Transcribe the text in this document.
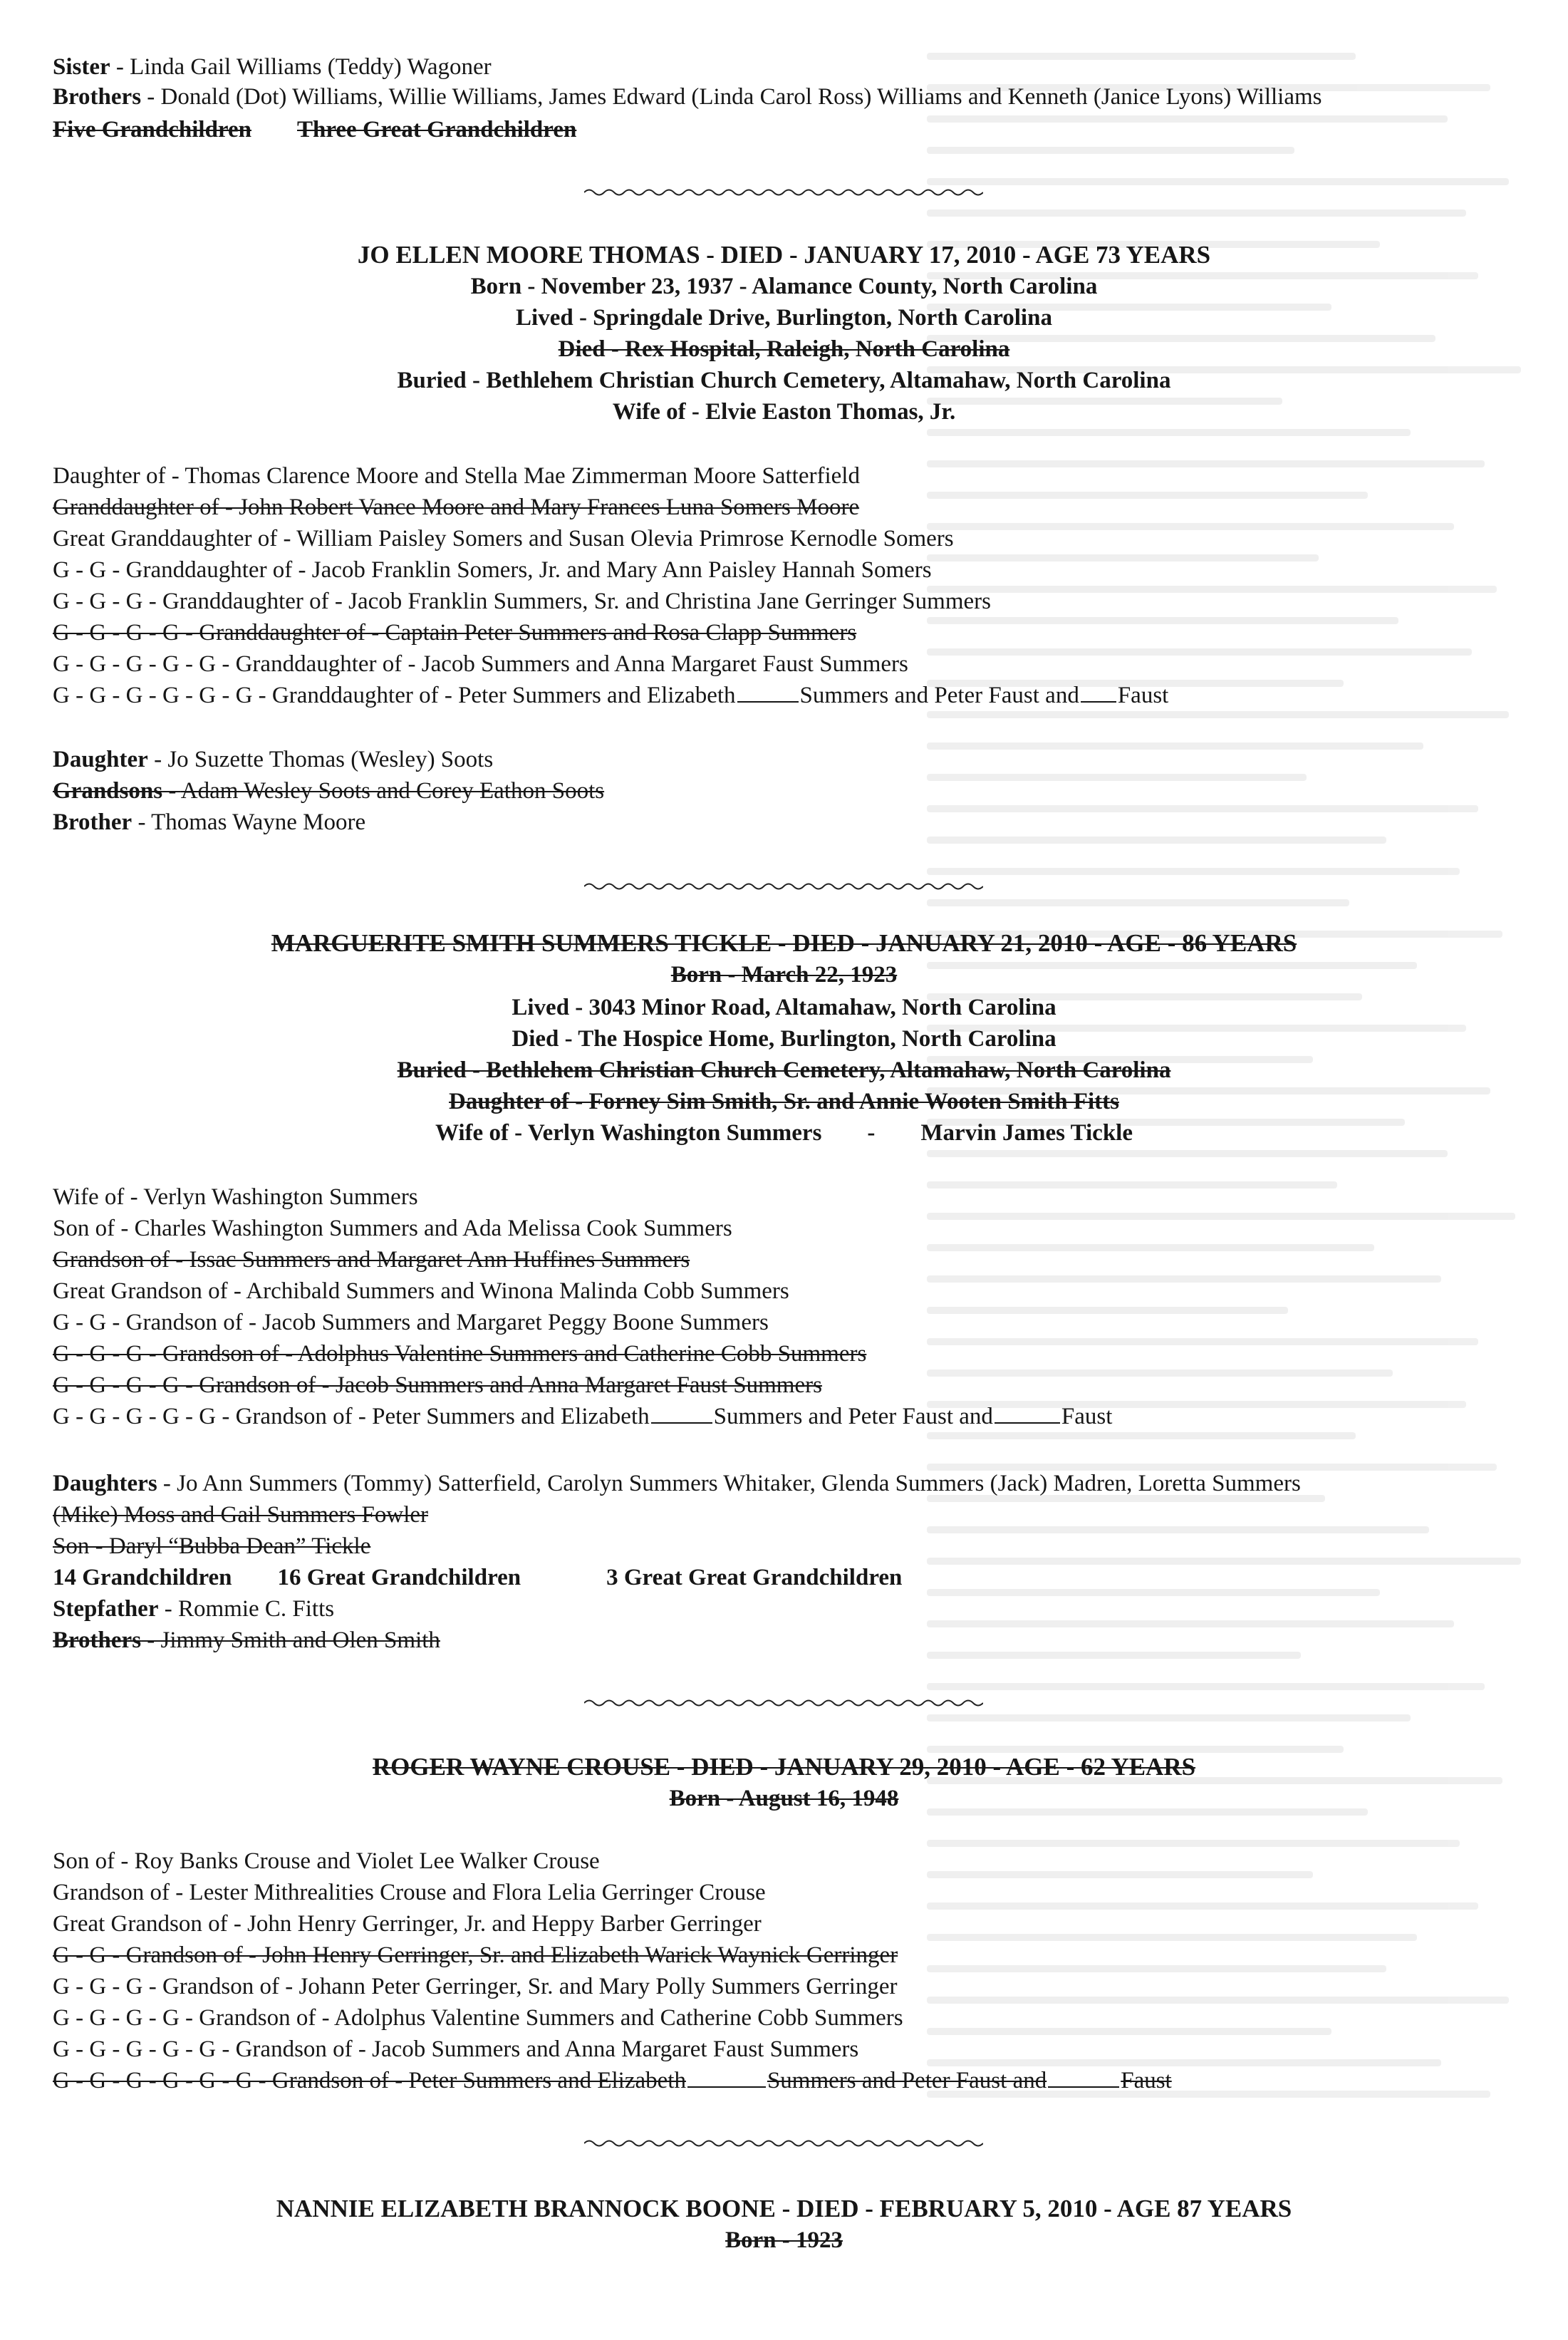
Sister - Linda Gail Williams (Teddy) Wagoner
Brothers - Donald (Dot) Williams, Willie Williams, James Edward (Linda Carol Ross) Williams and Kenneth (Janice Lyons) Williams
Five Grandchildren Three Great Grandchildren
JO ELLEN MOORE THOMAS - DIED - JANUARY 17, 2010 - AGE 73 YEARS
Born - November 23, 1937 - Alamance County, North Carolina
Lived - Springdale Drive, Burlington, North Carolina
Died - Rex Hospital, Raleigh, North Carolina
Buried - Bethlehem Christian Church Cemetery, Altamahaw, North Carolina
Wife of - Elvie Easton Thomas, Jr.
Daughter of - Thomas Clarence Moore and Stella Mae Zimmerman Moore Satterfield
Granddaughter of - John Robert Vance Moore and Mary Frances Luna Somers Moore
Great Granddaughter of - William Paisley Somers and Susan Olevia Primrose Kernodle Somers
G - G - Granddaughter of - Jacob Franklin Somers, Jr. and Mary Ann Paisley Hannah Somers
G - G - G - Granddaughter of - Jacob Franklin Summers, Sr. and Christina Jane Gerringer Summers
G - G - G - G - Granddaughter of - Captain Peter Summers and Rosa Clapp Summers
G - G - G - G - G - Granddaughter of - Jacob Summers and Anna Margaret Faust Summers
G - G - G - G - G - G - Granddaughter of - Peter Summers and Elizabeth	Summers and Peter Faust and Faust
Daughter - Jo Suzette Thomas (Wesley) Soots
Grandsons - Adam Wesley Soots and Corey Eathon Soots
Brother - Thomas Wayne Moore
MARGUERITE SMITH SUMMERS TICKLE - DIED - JANUARY 21, 2010 - AGE - 86 YEARS
Born - March 22, 1923
Lived - 3043 Minor Road, Altamahaw, North Carolina
Died - The Hospice Home, Burlington, North Carolina
Buried - Bethlehem Christian Church Cemetery, Altamahaw, North Carolina
Daughter of - Forney Sim Smith, Sr. and Annie Wooten Smith Fitts
Wife of - Verlyn Washington Summers - Marvin James Tickle
Wife of - Verlyn Washington Summers
Son of - Charles Washington Summers and Ada Melissa Cook Summers
Grandson of - Issac Summers and Margaret Ann Huffines Summers
Great Grandson of - Archibald Summers and Winona Malinda Cobb Summers
G - G - Grandson of - Jacob Summers and Margaret Peggy Boone Summers
G - G - G - Grandson of - Adolphus Valentine Summers and Catherine Cobb Summers
G - G - G - G - Grandson of - Jacob Summers and Anna Margaret Faust Summers
G - G - G - G - G - Grandson of - Peter Summers and Elizabeth	Summers and Peter Faust and	Faust
Daughters - Jo Ann Summers (Tommy) Satterfield, Carolyn Summers Whitaker, Glenda Summers (Jack) Madren, Loretta Summers
(Mike) Moss and Gail Summers Fowler
Son - Daryl “Bubba Dean” Tickle
14 Grandchildren 16 Great Grandchildren	3 Great Great Grandchildren
Stepfather - Rommie C. Fitts
Brothers - Jimmy Smith and Olen Smith
ROGER WAYNE CROUSE - DIED - JANUARY 29, 2010 - AGE - 62 YEARS
Born - August 16, 1948
Son of - Roy Banks Crouse and Violet Lee Walker Crouse
Grandson of - Lester Mithrealities Crouse and Flora Lelia Gerringer Crouse
Great Grandson of - John Henry Gerringer, Jr. and Heppy Barber Gerringer
G - G - Grandson of - John Henry Gerringer, Sr. and Elizabeth Warick Waynick Gerringer
G - G - G - Grandson of - Johann Peter Gerringer, Sr. and Mary Polly Summers Gerringer
G - G - G - G - Grandson of - Adolphus Valentine Summers and Catherine Cobb Summers
G - G - G - G - G - Grandson of - Jacob Summers and Anna Margaret Faust Summers
G - G - G - G - G - G - Grandson of - Peter Summers and Elizabeth	Summers and Peter Faust and	Faust
NANNIE ELIZABETH BRANNOCK BOONE - DIED - FEBRUARY 5, 2010 - AGE 87 YEARS
Born - 1923
